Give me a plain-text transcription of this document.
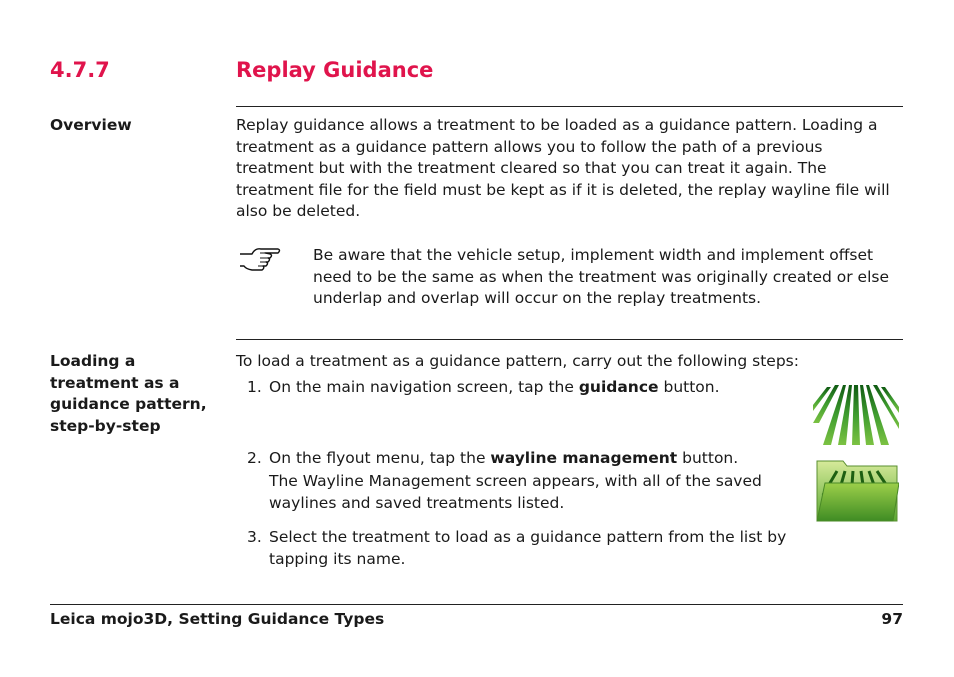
4.7.7	Replay Guidance
Overview	Replay guidance allows a treatment to be loaded as a guidance pattern. Loading a treatment as a guidance pattern allows you to follow the path of a previous treatment but with the treatment cleared so that you can treat it again. The treatment file for the field must be kept as if it is deleted, the replay wayline file will also be deleted.
Be aware that the vehicle setup, implement width and implement offset need to be the same as when the treatment was originally created or else underlap and overlap will occur on the replay treatments.
Loading a treatment as a guidance pattern, step-by-step
To load a treatment as a guidance pattern, carry out the following steps:
1. On the main navigation screen, tap the guidance button.
2. On the flyout menu, tap the wayline management button.
The Wayline Management screen appears, with all of the saved waylines and saved treatments listed.
3. Select the treatment to load as a guidance pattern from the list by tapping its name.
Leica mojo3D, Setting Guidance Types	97
